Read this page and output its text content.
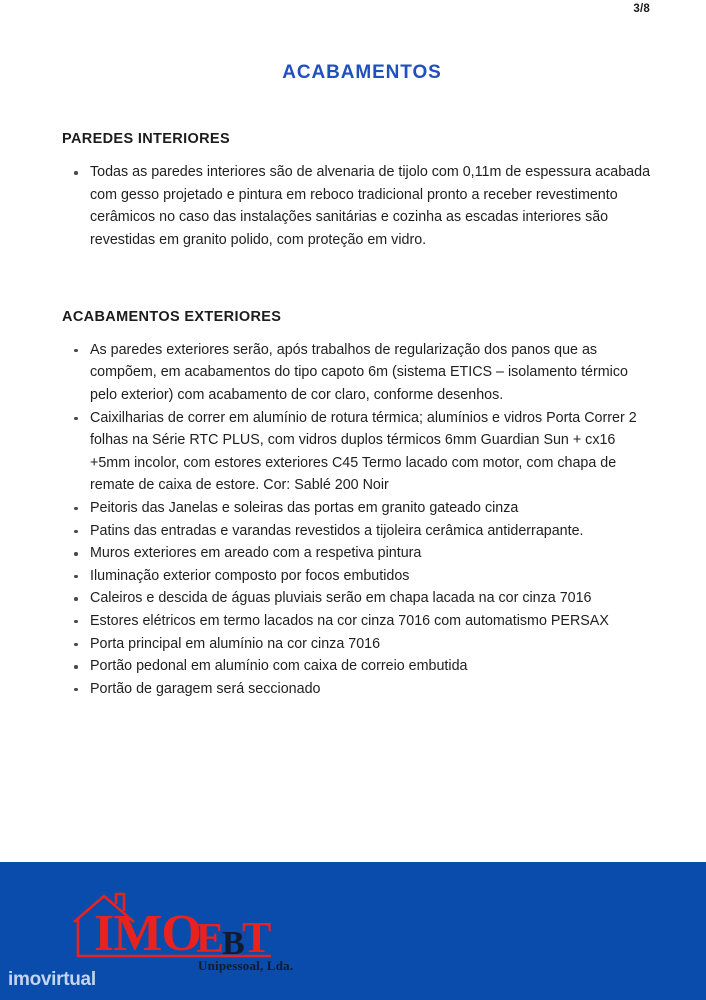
3/8
ACABAMENTOS
PAREDES INTERIORES
Todas as paredes interiores são de alvenaria de tijolo com 0,11m de espessura acabada com gesso projetado e pintura em reboco tradicional pronto a receber revestimento cerâmicos no caso das instalações sanitárias e cozinha as escadas interiores são revestidas em granito polido, com proteção em vidro.
ACABAMENTOS EXTERIORES
As paredes exteriores serão, após trabalhos de regularização dos panos que as compõem, em acabamentos do tipo capoto 6m (sistema ETICS – isolamento térmico pelo exterior) com acabamento de cor claro, conforme desenhos.
Caixilharias de correr em alumínio de rotura térmica; alumínios e vidros Porta Correr 2 folhas na Série RTC PLUS, com vidros duplos térmicos 6mm Guardian Sun + cx16 +5mm incolor, com estores exteriores C45 Termo lacado com motor, com chapa de remate de caixa de estore. Cor: Sablé 200 Noir
Peitoris das Janelas e soleiras das portas em granito gateado cinza
Patins das entradas e varandas revestidos a tijoleira cerâmica antiderrapante.
Muros exteriores em areado com a respetiva pintura
Iluminação exterior composto por focos embutidos
Caleiros e descida de águas pluviais serão em chapa lacada na cor cinza 7016
Estores elétricos em termo lacados na cor cinza 7016 com automatismo PERSAX
Porta principal em alumínio na cor cinza 7016
Portão pedonal em alumínio com caixa de correio embutida
Portão de garagem será seccionado
IMO
E
B
T
Unipessoal, Lda.
imovirtual
